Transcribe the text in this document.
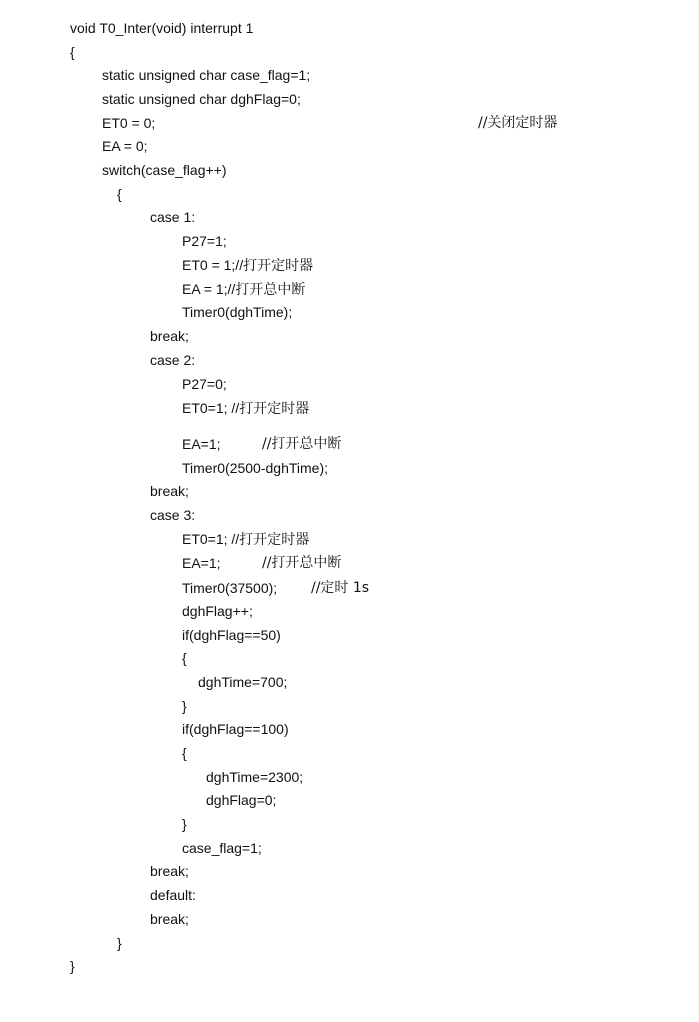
void T0_Inter(void) interrupt 1
{
static unsigned char case_flag=1;
static unsigned char dghFlag=0;
ET0 = 0;	//关闭定时器
EA = 0;
switch(case_flag++)
{
case 1:
P27=1;
ET0 = 1;//打开定时器
EA = 1;//打开总中断
Timer0(dghTime);
break;
case 2:
P27=0;
ET0=1; //打开定时器
EA=1;	//打开总中断
Timer0(2500-dghTime);
break;
case 3:
ET0=1; //打开定时器
EA=1;	//打开总中断
Timer0(37500); //定时 1s
dghFlag++;
if(dghFlag==50)
{
dghTime=700;
}
if(dghFlag==100)
{
dghTime=2300;
dghFlag=0;
}
case_flag=1;
break;
default:
break;
}
}
